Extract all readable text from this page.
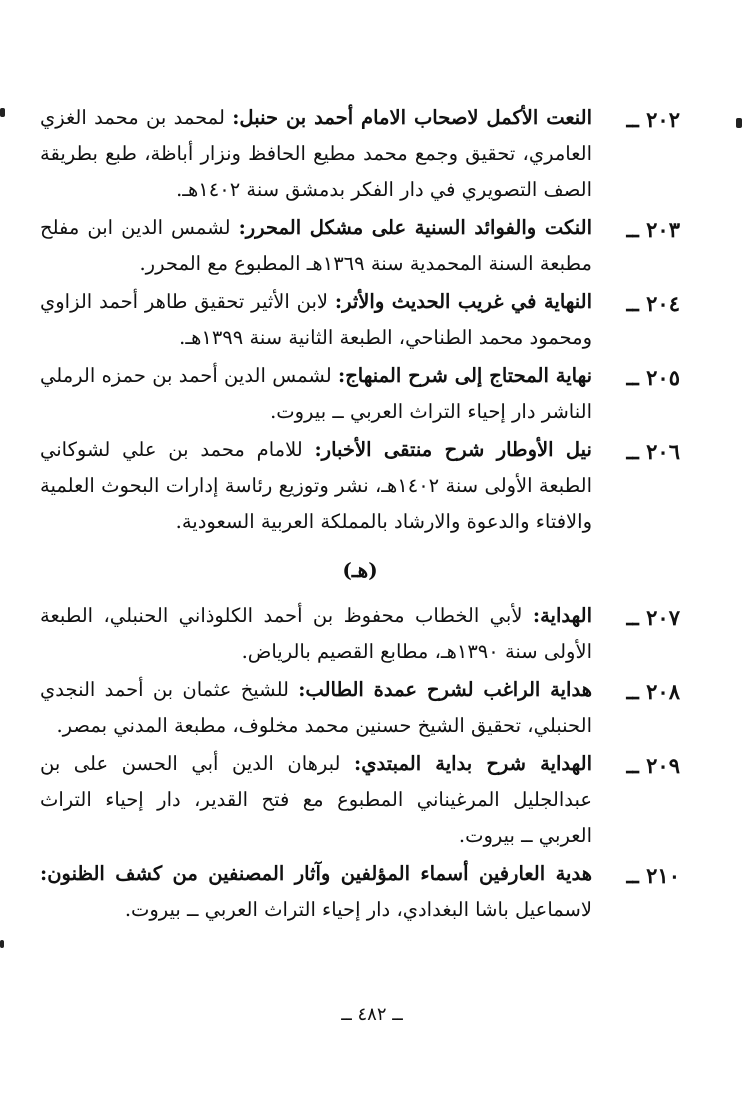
٢٠٢ ــ
النعت الأكمل لاصحاب الامام أحمد بن حنبل: لمحمد بن محمد الغزي العامري، تحقيق وجمع محمد مطيع الحافظ ونزار أباظة، طبع بطريقة الصف التصويري في دار الفكر بدمشق سنة ١٤٠٢هـ.
٢٠٣ ــ
النكت والفوائد السنية على مشكل المحرر: لشمس الدين ابن مفلح مطبعة السنة المحمدية سنة ١٣٦٩هـ المطبوع مع المحرر.
٢٠٤ ــ
النهاية في غريب الحديث والأثر: لابن الأثير تحقيق طاهر أحمد الزاوي ومحمود محمد الطناحي، الطبعة الثانية سنة ١٣٩٩هـ.
٢٠٥ ــ
نهاية المحتاج إلى شرح المنهاج: لشمس الدين أحمد بن حمزه الرملي الناشر دار إحياء التراث العربي ــ بيروت.
٢٠٦ ــ
نيل الأوطار شرح منتقى الأخبار: للامام محمد بن علي لشوكاني الطبعة الأولى سنة ١٤٠٢هـ، نشر وتوزيع رئاسة إدارات البحوث العلمية والافتاء والدعوة والارشاد بالمملكة العربية السعودية.
(هـ)
٢٠٧ ــ
الهداية: لأبي الخطاب محفوظ بن أحمد الكلوذاني الحنبلي، الطبعة الأولى سنة ١٣٩٠هـ، مطابع القصيم بالرياض.
٢٠٨ ــ
هداية الراغب لشرح عمدة الطالب: للشيخ عثمان بن أحمد النجدي الحنبلي، تحقيق الشيخ حسنين محمد مخلوف، مطبعة المدني بمصر.
٢٠٩ ــ
الهداية شرح بداية المبتدي: لبرهان الدين أبي الحسن على بن عبدالجليل المرغيناني المطبوع مع فتح القدير، دار إحياء التراث العربي ــ بيروت.
٢١٠ ــ
هدية العارفين أسماء المؤلفين وآثار المصنفين من كشف الظنون: لاسماعيل باشا البغدادي، دار إحياء التراث العربي ــ بيروت.
ــ ٤٨٢ ــ
